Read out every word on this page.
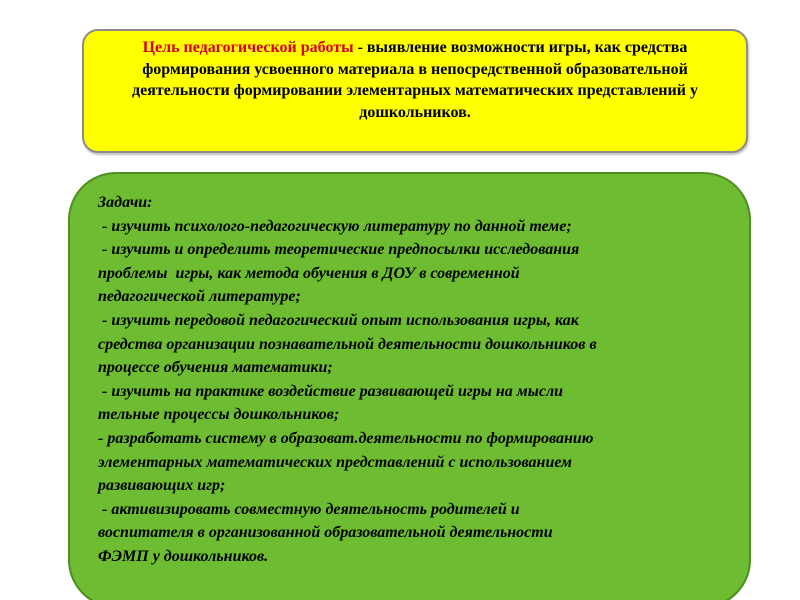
Цель педагогической работы - выявление возможности игры, как средства формирования усвоенного материала в непосредственной образовательной деятельности формировании элементарных математических представлений у дошкольников.
Задачи:
- изучить психолого-педагогическую литературу по данной теме;
- изучить и определить теоретические предпосылки исследования
проблемы  игры, как метода обучения в ДОУ в современной
педагогической литературе;
- изучить передовой педагогический опыт использования игры, как
средства организации познавательной деятельности дошкольников в
процессе обучения математики;
- изучить на практике воздействие развивающей игры на мысли
тельные процессы дошкольников;
- разработать систему в образоват.деятельности по формированию
элементарных математических представлений с использованием
развивающих игр;
- активизировать совместную деятельность родителей и
воспитателя в организованной образовательной деятельности
ФЭМП у дошкольников.
